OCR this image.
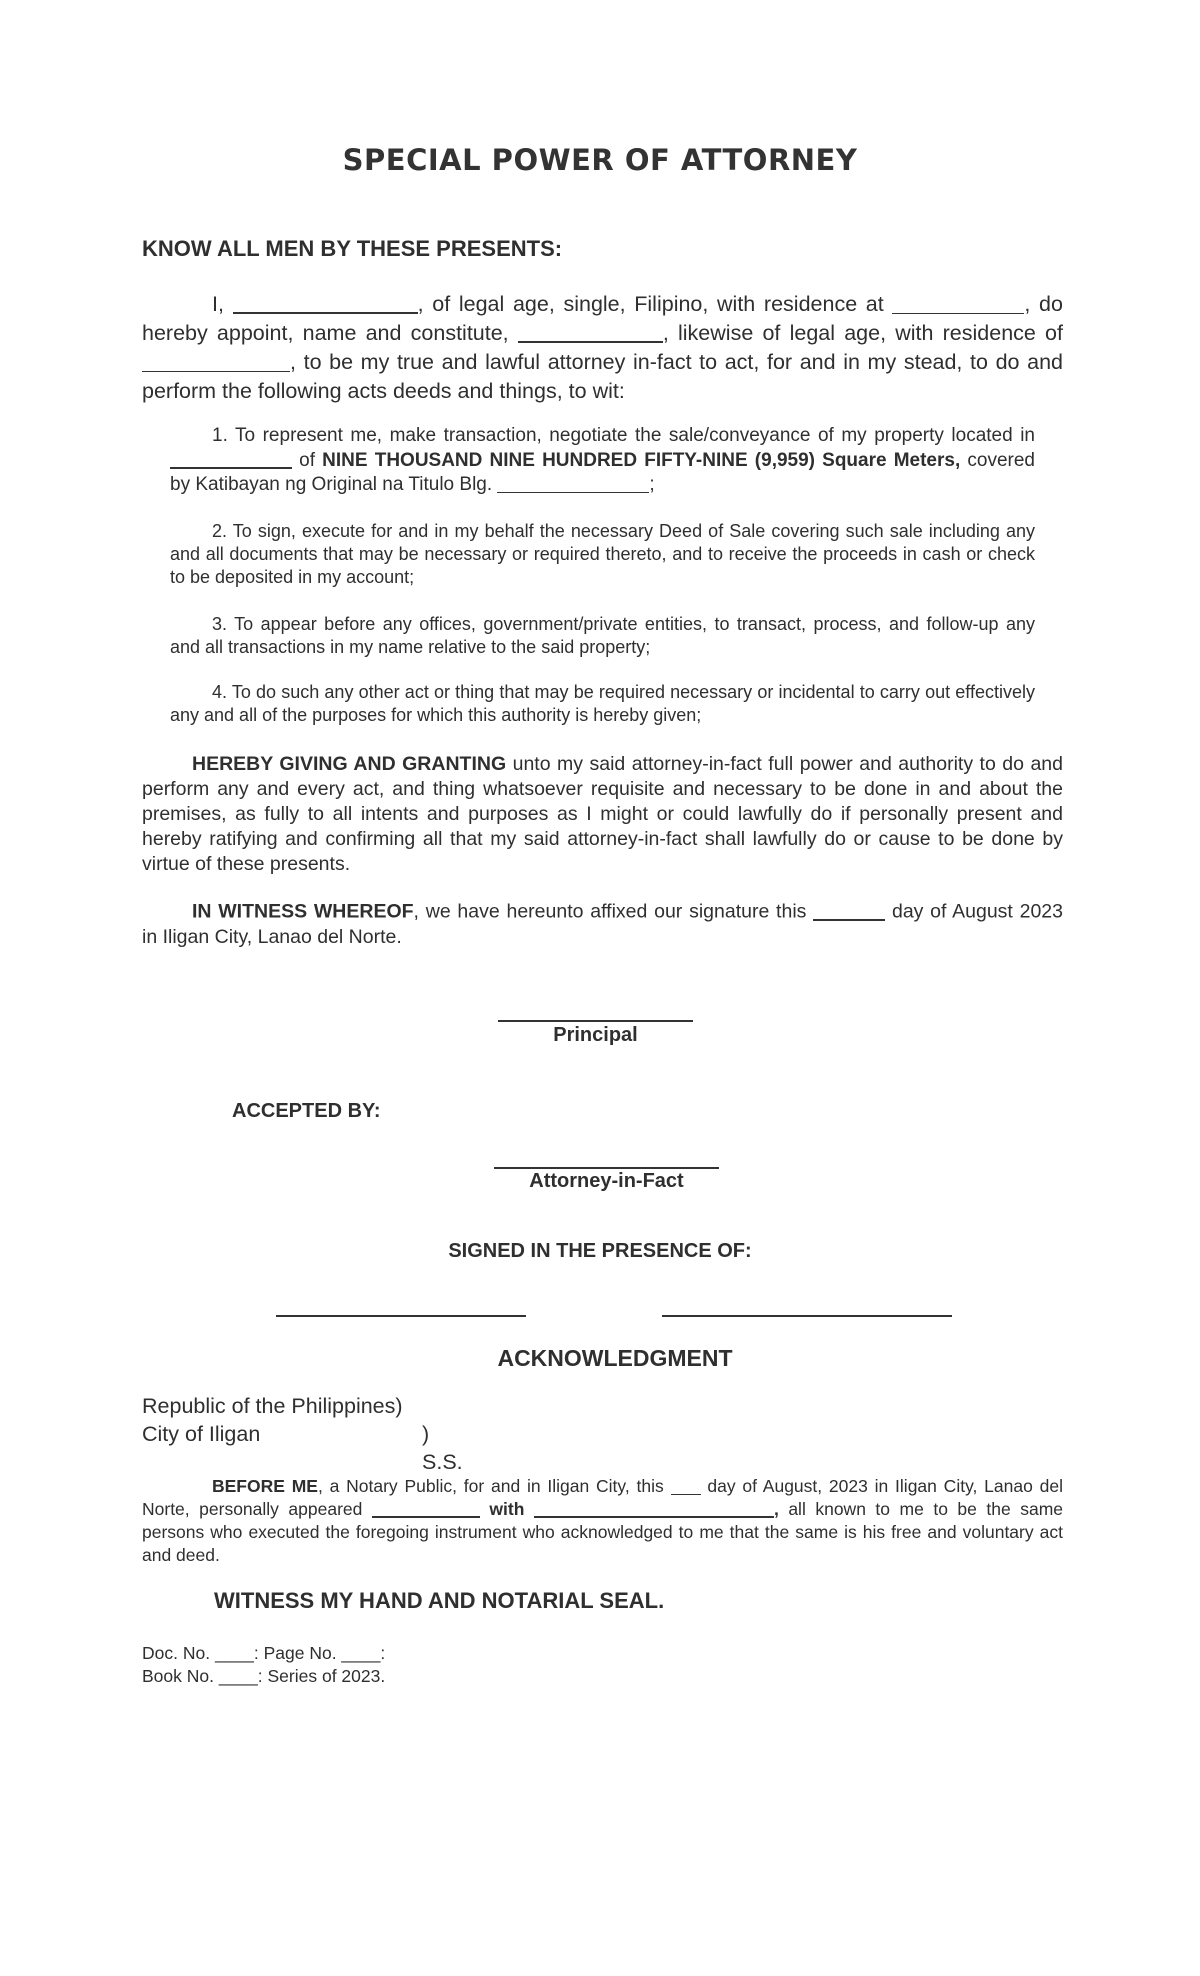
SPECIAL POWER OF ATTORNEY
KNOW ALL MEN BY THESE PRESENTS:
I,	, of legal age, single, Filipino, with residence at	, do hereby appoint, name and constitute,	, likewise of legal age, with residence of , to be my true and lawful attorney in-fact to act, for and in my stead, to do and perform the following acts deeds and things, to wit:
1. To represent me, make transaction, negotiate the sale/conveyance of my property located in  of NINE THOUSAND NINE HUNDRED FIFTY-NINE (9,959) Square Meters, covered by Katibayan ng Original na Titulo Blg.	;
2. To sign, execute for and in my behalf the necessary Deed of Sale covering such sale including any and all documents that may be necessary or required thereto, and to receive the proceeds in cash or check to be deposited in my account;
3. To appear before any offices, government/private entities, to transact, process, and follow-up any and all transactions in my name relative to the said property;
4. To do such any other act or thing that may be required necessary or incidental to carry out effectively any and all of the purposes for which this authority is hereby given;
HEREBY GIVING AND GRANTING unto my said attorney-in-fact full power and authority to do and perform any and every act, and thing whatsoever requisite and necessary to be done in and about the premises, as fully to all intents and purposes as I might or could lawfully do if personally present and hereby ratifying and confirming all that my said attorney-in-fact shall lawfully do or cause to be done by virtue of these presents.
IN WITNESS WHEREOF, we have hereunto affixed our signature this	day of August 2023 in Iligan City, Lanao del Norte.
Principal
ACCEPTED BY:
Attorney-in-Fact
SIGNED IN THE PRESENCE OF:
ACKNOWLEDGMENT
Republic of the Philippines)
City of Iligan	) S.S.
BEFORE ME, a Notary Public, for and in Iligan City, this day of August, 2023 in Iligan City, Lanao del Norte, personally appeared	with	, all known to me to be the same persons who executed the foregoing instrument who acknowledged to me that the same is his free and voluntary act and deed.
WITNESS MY HAND AND NOTARIAL SEAL.
Doc. No. ____: Page No. ____:
Book No. ____: Series of 2023.
